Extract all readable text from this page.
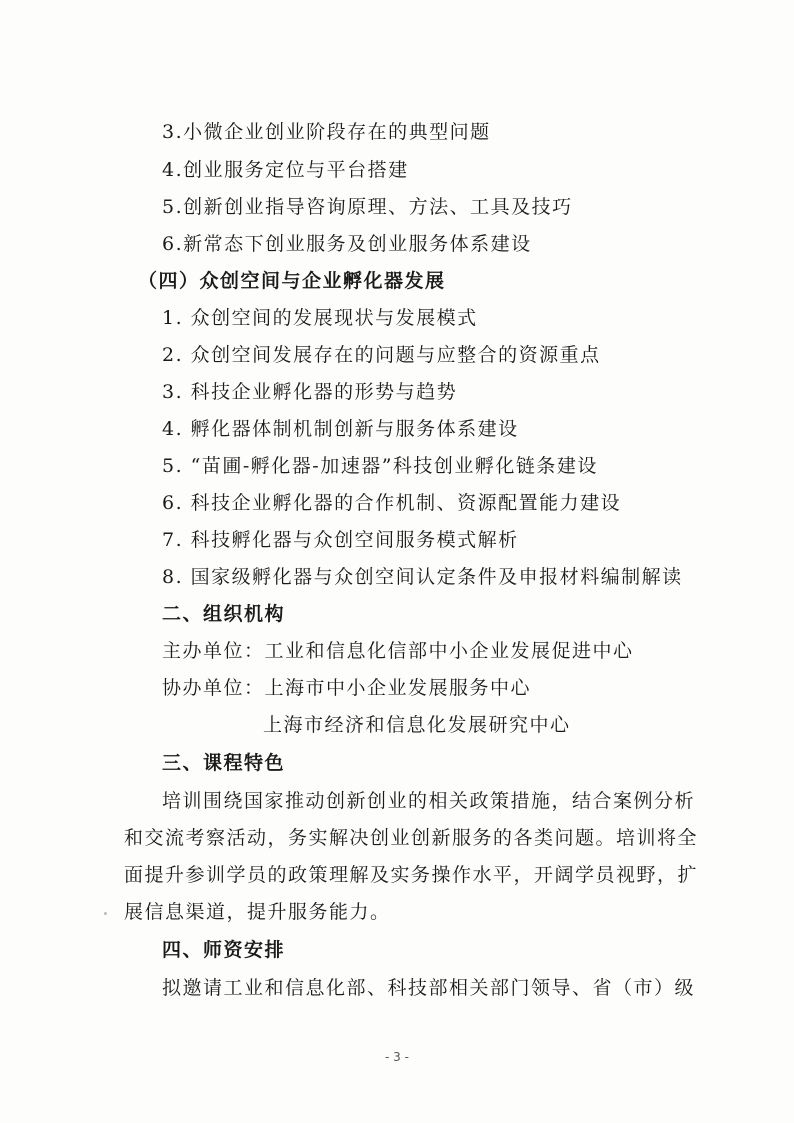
3.小微企业创业阶段存在的典型问题
4.创业服务定位与平台搭建
5.创新创业指导咨询原理、方法、工具及技巧
6.新常态下创业服务及创业服务体系建设
（四）众创空间与企业孵化器发展
1. 众创空间的发展现状与发展模式
2. 众创空间发展存在的问题与应整合的资源重点
3. 科技企业孵化器的形势与趋势
4. 孵化器体制机制创新与服务体系建设
5. “苗圃-孵化器-加速器”科技创业孵化链条建设
6. 科技企业孵化器的合作机制、资源配置能力建设
7. 科技孵化器与众创空间服务模式解析
8. 国家级孵化器与众创空间认定条件及申报材料编制解读
二、组织机构
主办单位：工业和信息化信部中小企业发展促进中心
协办单位：上海市中小企业发展服务中心
上海市经济和信息化发展研究中心
三、课程特色
培训围绕国家推动创新创业的相关政策措施，结合案例分析
和交流考察活动，务实解决创业创新服务的各类问题。培训将全
面提升参训学员的政策理解及实务操作水平，开阔学员视野，扩
展信息渠道，提升服务能力。
四、师资安排
拟邀请工业和信息化部、科技部相关部门领导、省（市）级
- 3 -
